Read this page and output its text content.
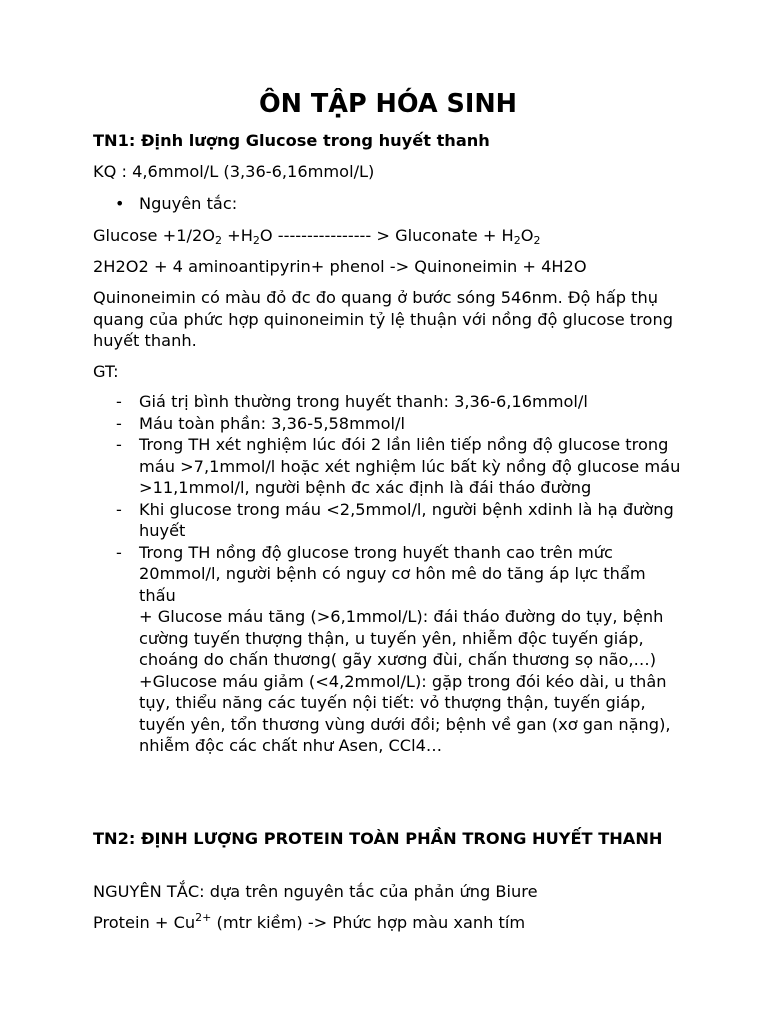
ÔN TẬP HÓA SINH

TN1: Định lượng Glucose trong huyết thanh

KQ : 4,6mmol/L (3,36-6,16mmol/L)

• Nguyên tắc:

$Glucose +1/2O_2 +H_2O$ ---------------- > Gluconate + $H_2O_2$

2H2O2 + 4 aminoantipyrin+ phenol -> Quinoneimin + 4H2O

Quinoneimin có màu đỏ đc đo quang ở bước sóng 546nm. Độ hấp thụ quang của phức hợp quinoneimin tỷ lệ thuận với nồng độ glucose trong huyết thanh.

GT:

- Giá trị bình thường trong huyết thanh: 3,36-6,16mmol/l
- Máu toàn phần: 3,36-5,58mmol/l
- Trong TH xét nghiệm lúc đói 2 lần liên tiếp nồng độ glucose trong máu >7,1mmol/l hoặc xét nghiệm lúc bất kỳ nồng độ glucose máu >11,1mmol/l, người bệnh đc xác định là đái tháo đường
- Khi glucose trong máu <2,5mmol/l, người bệnh xdinh là hạ đường huyết
- Trong TH nồng độ glucose trong huyết thanh cao trên mức 20mmol/l, người bệnh có nguy cơ hôn mê do tăng áp lực thẩm thấu
+ Glucose máu tăng (>6,1mmol/L): đái tháo đường do tụy, bệnh cường tuyến thượng thận, u tuyến yên, nhiễm độc tuyến giáp, choáng do chấn thương( gãy xương đùi, chấn thương sọ não,…)
+Glucose máu giảm (<4,2mmol/L): gặp trong đói kéo dài, u thân tụy, thiểu năng các tuyến nội tiết: vỏ thượng thận, tuyến giáp, tuyến yên, tổn thương vùng dưới đồi; bệnh về gan (xơ gan nặng), nhiễm độc các chất như Asen, CCl4…

TN2: ĐỊNH LƯỢNG PROTEIN TOÀN PHẦN TRONG HUYẾT THANH

NGUYÊN TẮC: dựa trên nguyên tắc của phản ứng Biure

Protein + $Cu^{2+}$ (mtr kiềm) -> Phức hợp màu xanh tím
